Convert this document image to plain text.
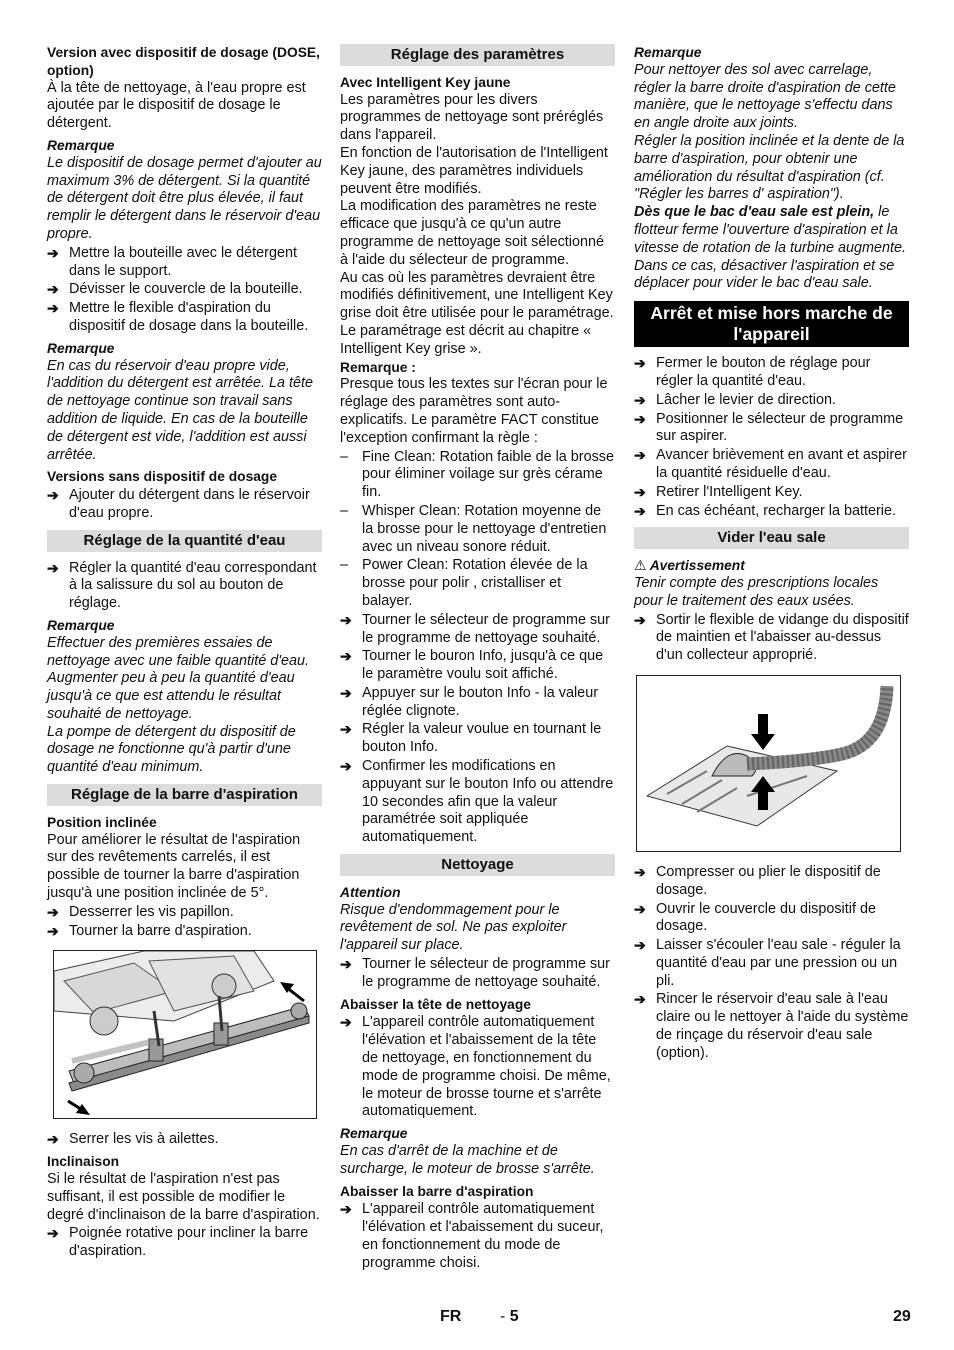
Version avec dispositif de dosage (DOSE, option)

À la tête de nettoyage, à l'eau propre est ajoutée par le dispositif de dosage le détergent.

Remarque

Le dispositif de dosage permet d'ajouter au maximum 3% de détergent. Si la quantité de détergent doit être plus élevée, il faut remplir le détergent dans le réservoir d'eau propre.

➔ Mettre la bouteille avec le détergent dans le support.
➔ Dévisser le couvercle de la bouteille.
➔ Mettre le flexible d'aspiration du dispositif de dosage dans la bouteille.

Remarque

En cas du réservoir d'eau propre vide, l'addition du détergent est arrêtée. La tête de nettoyage continue son travail sans addition de liquide. En cas de la bouteille de détergent est vide, l'addition est aussi arrêtée.

Versions sans dispositif de dosage

➔ Ajouter du détergent dans le réservoir d'eau propre.
Réglage de la quantité d'eau
➔ Régler la quantité d'eau correspondant à la salissure du sol au bouton de réglage.

Remarque

Effectuer des premières essaies de nettoyage avec une faible quantité d'eau. Augmenter peu à peu la quantité d'eau jusqu'à ce que est attendu le résultat souhaité de nettoyage.

La pompe de détergent du dispositif de dosage ne fonctionne qu'à partir d'une quantité d'eau minimum.

Réglage de la barre d'aspiration

Position inclinée

Pour améliorer le résultat de l'aspiration sur des revêtements carrelés, il est possible de tourner la barre d'aspiration jusqu'à une position inclinée de 5°.

➔ Desserrer les vis papillon.
➔ Tourner la barre d'aspiration.
➔ Serrer les vis à ailettes.

Inclinaison

Si le résultat de l'aspiration n'est pas suffisant, il est possible de modifier le degré d'inclinaison de la barre d'aspiration.

➔ Poignée rotative pour incliner la barre d'aspiration.
Réglage des paramètres

Avec Intelligent Key jaune

Les paramètres pour les divers programmes de nettoyage sont préréglés dans l'appareil.

En fonction de l'autorisation de l'Intelligent Key jaune, des paramètres individuels peuvent être modifiés.

La modification des paramètres ne reste efficace que jusqu'à ce qu'un autre programme de nettoyage soit sélectionné à l'aide du sélecteur de programme.

Au cas où les paramètres devraient être modifiés définitivement, une Intelligent Key grise doit être utilisée pour le paramétrage. Le paramétrage est décrit au chapitre « Intelligent Key grise ».

Remarque :

Presque tous les textes sur l'écran pour le réglage des paramètres sont auto-explicatifs. Le paramètre FACT constitue l'exception confirmant la règle :

– Fine Clean: Rotation faible de la brosse pour éliminer voilage sur grès cérame fin.
– Whisper Clean: Rotation moyenne de la brosse pour le nettoyage d'entretien avec un niveau sonore réduit.
– Power Clean: Rotation élevée de la brosse pour polir , cristalliser et balayer.
➔ Tourner le sélecteur de programme sur le programme de nettoyage souhaité.
➔ Tourner le bouron Info, jusqu'à ce que le paramètre voulu soit affiché.
➔ Appuyer sur le bouton Info - la valeur réglée clignote.
➔ Régler la valeur voulue en tournant le bouton Info.
➔ Confirmer les modifications en appuyant sur le bouton Info ou attendre 10 secondes afin que la valeur paramétrée soit appliquée automatiquement.
Nettoyage

Attention

Risque d'endommagement pour le revêtement de sol. Ne pas exploiter l'appareil sur place.

➔ Tourner le sélecteur de programme sur le programme de nettoyage souhaité.

Abaisser la tête de nettoyage

➔ L'appareil contrôle automatiquement l'élévation et l'abaissement de la tête de nettoyage, en fonctionnement du mode de programme choisi. De même, le moteur de brosse tourne et s'arrête automatiquement.

Remarque

En cas d'arrêt de la machine et de surcharge, le moteur de brosse s'arrête.

Abaisser la barre d'aspiration

➔ L'appareil contrôle automatiquement l'élévation et l'abaissement du suceur, en fonctionnement du mode de programme choisi.

Remarque

Pour nettoyer des sol avec carrelage, régler la barre droite d'aspiration de cette manière, que le nettoyage s'effectu dans en angle droite aux joints.

Régler la position inclinée et la dente de la barre d'aspiration, pour obtenir une amélioration du résultat d'aspiration (cf. "Régler les barres d' aspiration").

Dès que le bac d'eau sale est plein, le flotteur ferme l'ouverture d'aspiration et la vitesse de rotation de la turbine augmente. Dans ce cas, désactiver l'aspiration et se déplacer pour vider le bac d'eau sale.

Arrêt et mise hors marche de l'appareil
➔ Fermer le bouton de réglage pour régler la quantité d'eau.
➔ Lâcher le levier de direction.
➔ Positionner le sélecteur de programme sur aspirer.
➔ Avancer brièvement en avant et aspirer la quantité résiduelle d'eau.
➔ Retirer l'Intelligent Key.
➔ En cas échéant, recharger la batterie.
Vider l'eau sale

⚠ Avertissement

Tenir compte des prescriptions locales pour le traitement des eaux usées.

➔ Sortir le flexible de vidange du dispositif de maintien et l'abaisser au-dessus d'un collecteur approprié.
➔ Compresser ou plier le dispositif de dosage.
➔ Ouvrir le couvercle du dispositif de dosage.
➔ Laisser s'écouler l'eau sale - réguler la quantité d'eau par une pression ou un pli.
➔ Rincer le réservoir d'eau sale à l'eau claire ou le nettoyer à l'aide du système de rinçage du réservoir d'eau sale (option).
FR - 5	29
